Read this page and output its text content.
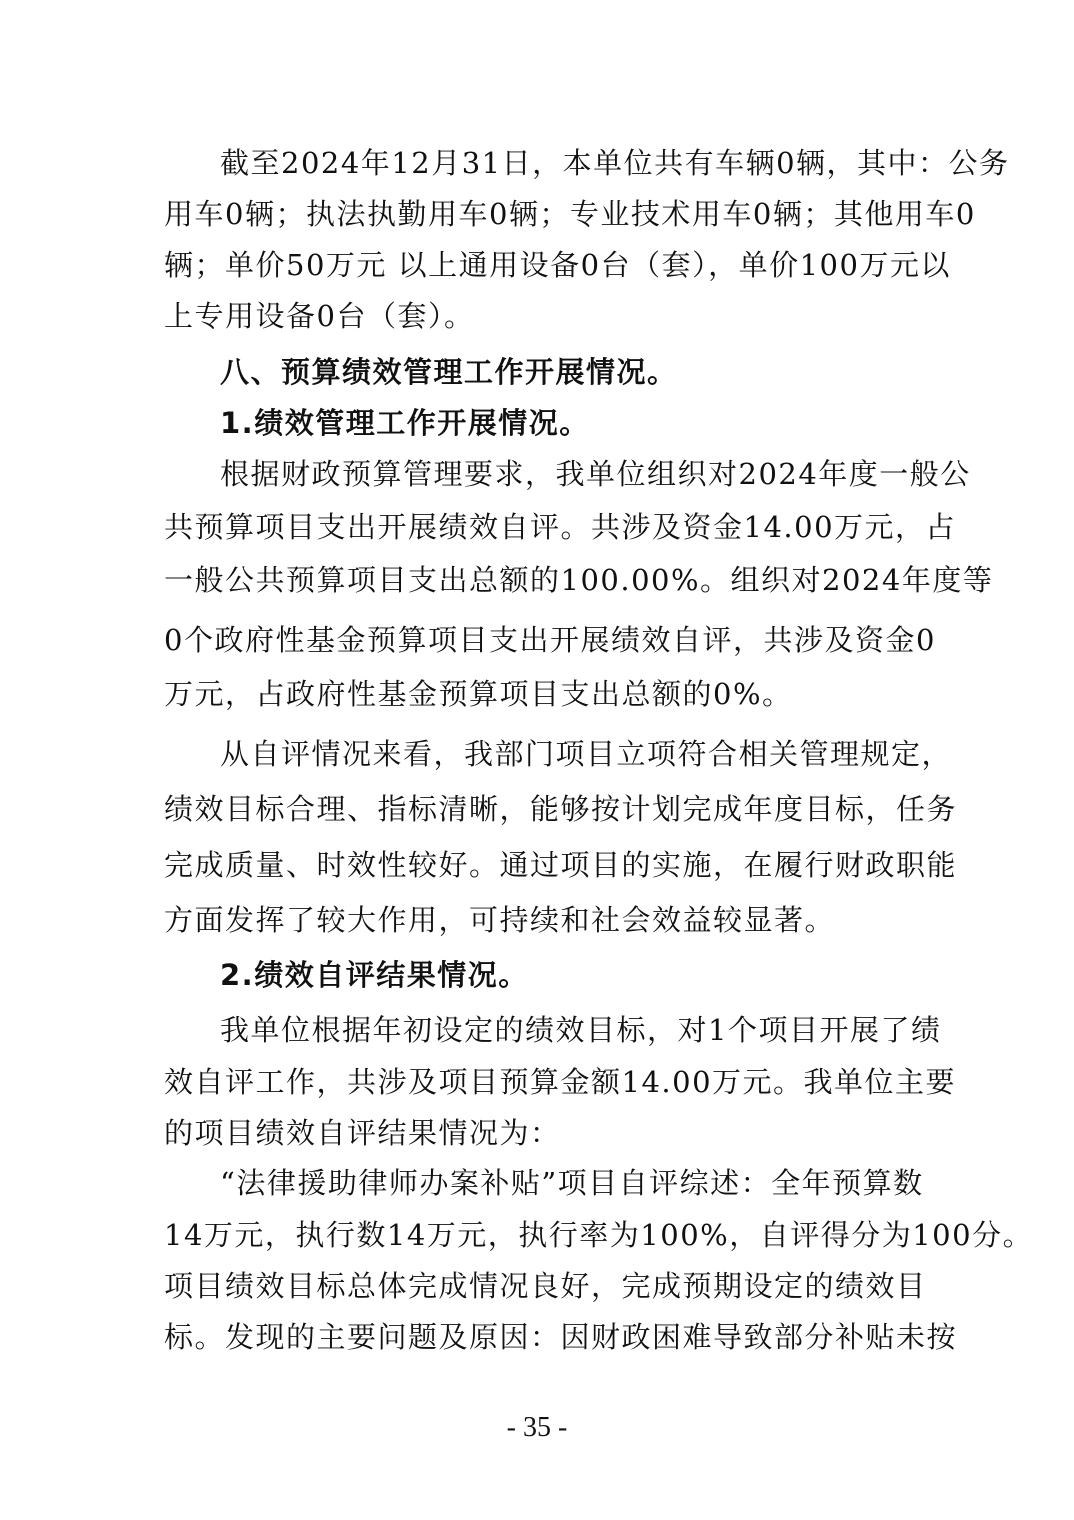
截至2024年12月31日，本单位共有车辆0辆，其中：公务
用车0辆；执法执勤用车0辆；专业技术用车0辆；其他用车0
辆；单价50万元 以上通用设备0台（套），单价100万元以
上专用设备0台（套）。
八、预算绩效管理工作开展情况。
1.绩效管理工作开展情况。
根据财政预算管理要求，我单位组织对2024年度一般公
共预算项目支出开展绩效自评。共涉及资金14.00万元，占
一般公共预算项目支出总额的100.00%。组织对2024年度等
0个政府性基金预算项目支出开展绩效自评，共涉及资金0
万元，占政府性基金预算项目支出总额的0%。
从自评情况来看，我部门项目立项符合相关管理规定，
绩效目标合理、指标清晰，能够按计划完成年度目标，任务
完成质量、时效性较好。通过项目的实施，在履行财政职能
方面发挥了较大作用，可持续和社会效益较显著。
2.绩效自评结果情况。
我单位根据年初设定的绩效目标，对1个项目开展了绩
效自评工作，共涉及项目预算金额14.00万元。我单位主要
的项目绩效自评结果情况为：
“法律援助律师办案补贴”项目自评综述：全年预算数
14万元，执行数14万元，执行率为100%，自评得分为100分。
项目绩效目标总体完成情况良好，完成预期设定的绩效目
标。发现的主要问题及原因：因财政困难导致部分补贴未按
- 35 -
